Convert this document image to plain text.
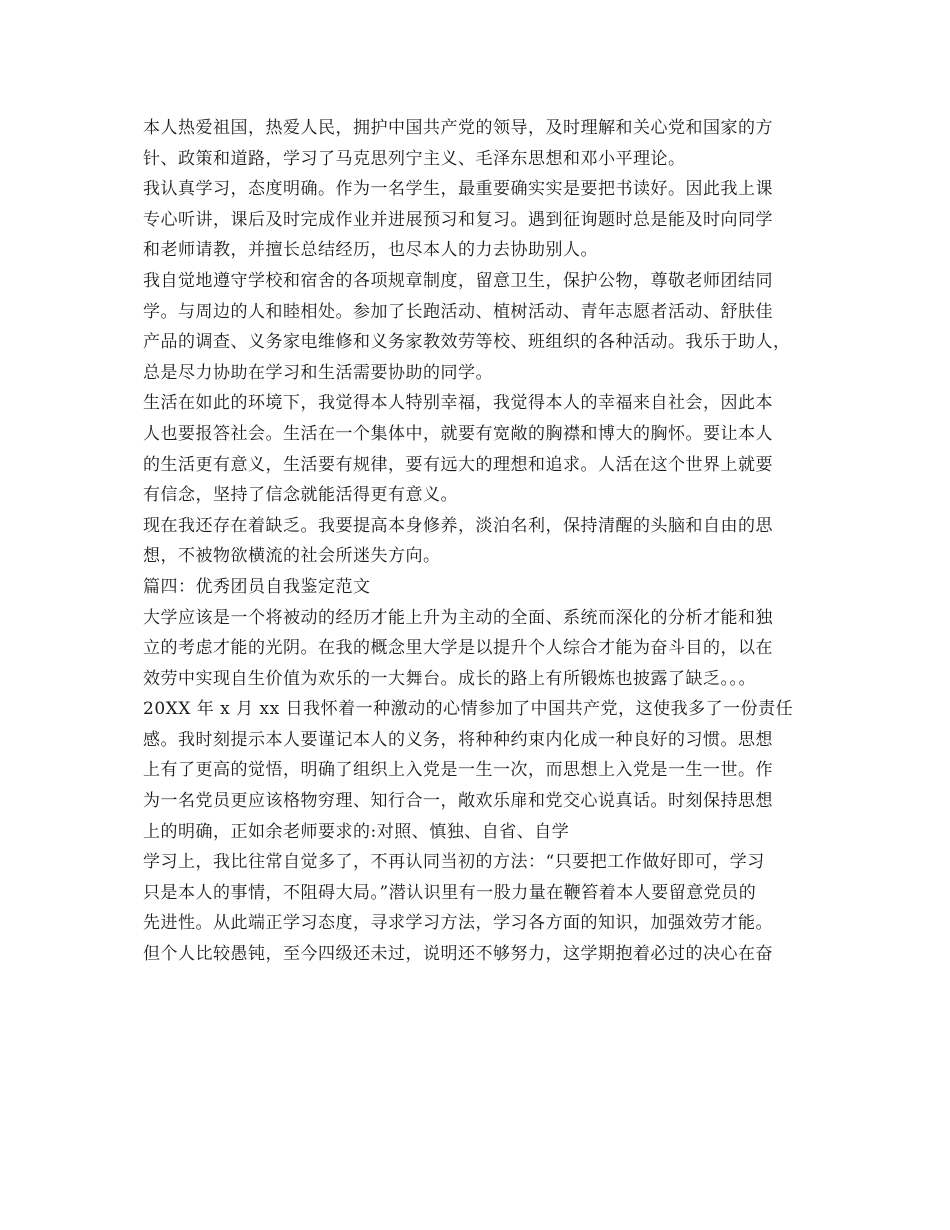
本人热爱祖国，热爱人民，拥护中国共产党的领导，及时理解和关心党和国家的方
针、政策和道路，学习了马克思列宁主义、毛泽东思想和邓小平理论。
我认真学习，态度明确。作为一名学生，最重要确实实是要把书读好。因此我上课
专心听讲，课后及时完成作业并进展预习和复习。遇到征询题时总是能及时向同学
和老师请教，并擅长总结经历，也尽本人的力去协助别人。
我自觉地遵守学校和宿舍的各项规章制度，留意卫生，保护公物，尊敬老师团结同
学。与周边的人和睦相处。参加了长跑活动、植树活动、青年志愿者活动、舒肤佳
产品的调查、义务家电维修和义务家教效劳等校、班组织的各种活动。我乐于助人，
总是尽力协助在学习和生活需要协助的同学。
生活在如此的环境下，我觉得本人特别幸福，我觉得本人的幸福来自社会，因此本
人也要报答社会。生活在一个集体中，就要有宽敞的胸襟和博大的胸怀。要让本人
的生活更有意义，生活要有规律，要有远大的理想和追求。人活在这个世界上就要
有信念，坚持了信念就能活得更有意义。
现在我还存在着缺乏。我要提高本身修养，淡泊名利，保持清醒的头脑和自由的思
想，不被物欲横流的社会所迷失方向。
篇四：优秀团员自我鉴定范文
大学应该是一个将被动的经历才能上升为主动的全面、系统而深化的分析才能和独
立的考虑才能的光阴。在我的概念里大学是以提升个人综合才能为奋斗目的，以在
效劳中实现自生价值为欢乐的一大舞台。成长的路上有所锻炼也披露了缺乏。。。
20XX 年 x 月 xx 日我怀着一种激动的心情参加了中国共产党，这使我多了一份责任
感。我时刻提示本人要谨记本人的义务，将种种约束内化成一种良好的习惯。思想
上有了更高的觉悟，明确了组织上入党是一生一次，而思想上入党是一生一世。作
为一名党员更应该格物穷理、知行合一，敞欢乐扉和党交心说真话。时刻保持思想
上的明确，正如余老师要求的:对照、慎独、自省、自学
学习上，我比往常自觉多了，不再认同当初的方法：“只要把工作做好即可，学习
只是本人的事情，不阻碍大局。”潜认识里有一股力量在鞭笞着本人要留意党员的
先进性。从此端正学习态度，寻求学习方法，学习各方面的知识，加强效劳才能。
但个人比较愚钝，至今四级还未过，说明还不够努力，这学期抱着必过的决心在奋
